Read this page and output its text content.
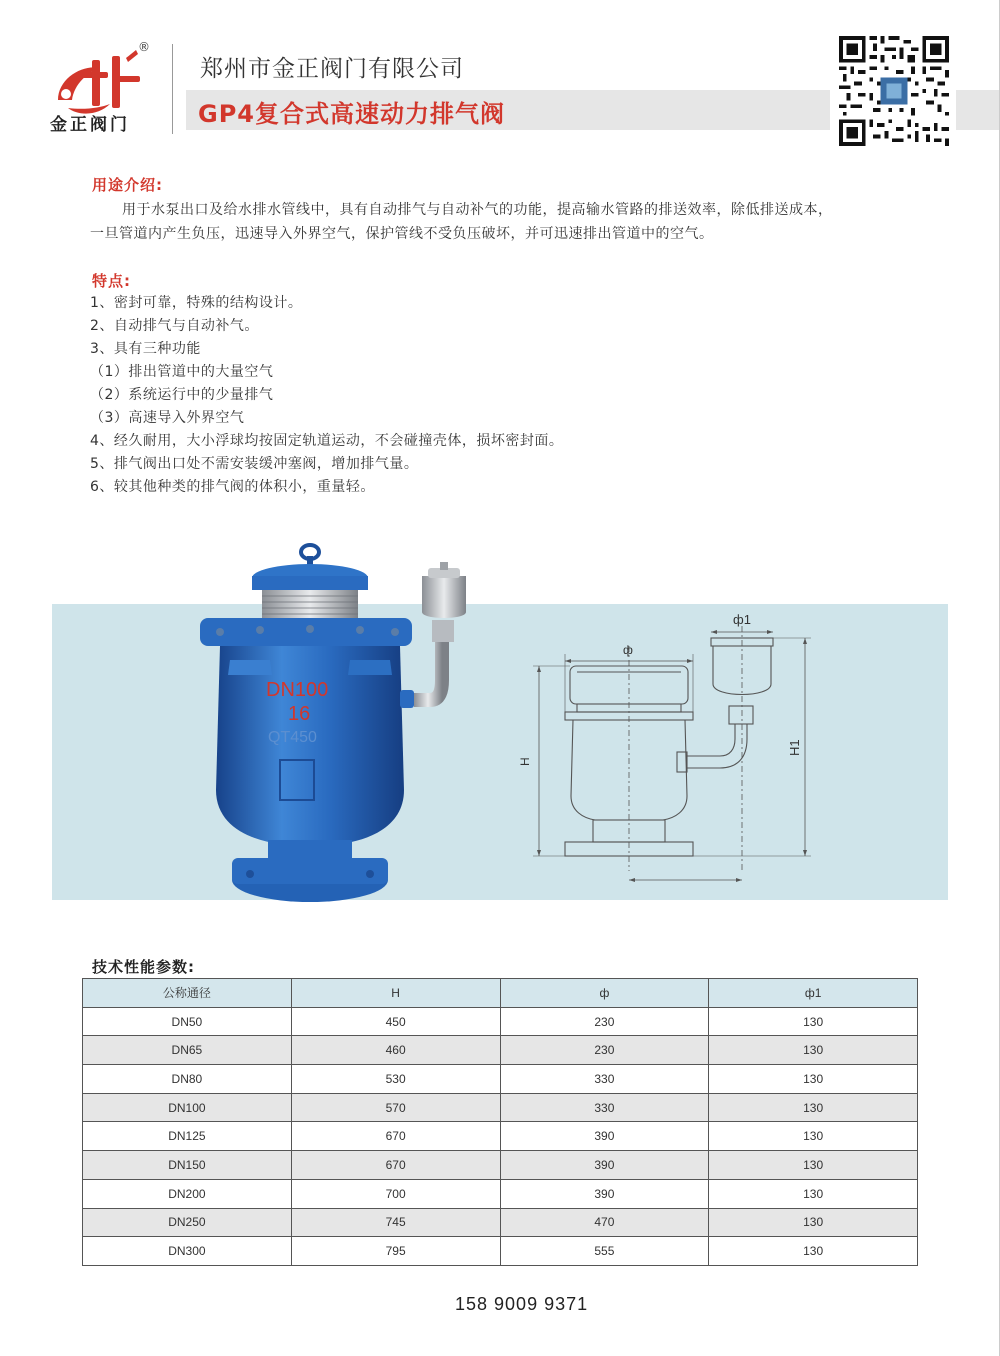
®
金正阀门
郑州市金正阀门有限公司
GP4复合式高速动力排气阀
用途介绍:
用于水泵出口及给水排水管线中，具有自动排气与自动补气的功能，提高输水管路的排送效率，除低排送成本，
一旦管道内产生负压，迅速导入外界空气，保护管线不受负压破坏，并可迅速排出管道中的空气。
特点:
1、密封可靠，特殊的结构设计。
2、自动排气与自动补气。
3、具有三种功能
（1）排出管道中的大量空气
（2）系统运行中的少量排气
（3）高速导入外界空气
4、经久耐用，大小浮球均按固定轨道运动，不会碰撞壳体，损坏密封面。
5、排气阀出口处不需安装缓冲塞阀，增加排气量。
6、较其他种类的排气阀的体积小，重量轻。
DN100
16
QT450
ф
ф1
H
H1
技术性能参数:
公称通径	H	ф	ф1
DN50	450	230	130
DN65	460	230	130
DN80	530	330	130
DN100	570	330	130
DN125	670	390	130
DN150	670	390	130
DN200	700	390	130
DN250	745	470	130
DN300	795	555	130
158 9009 9371
